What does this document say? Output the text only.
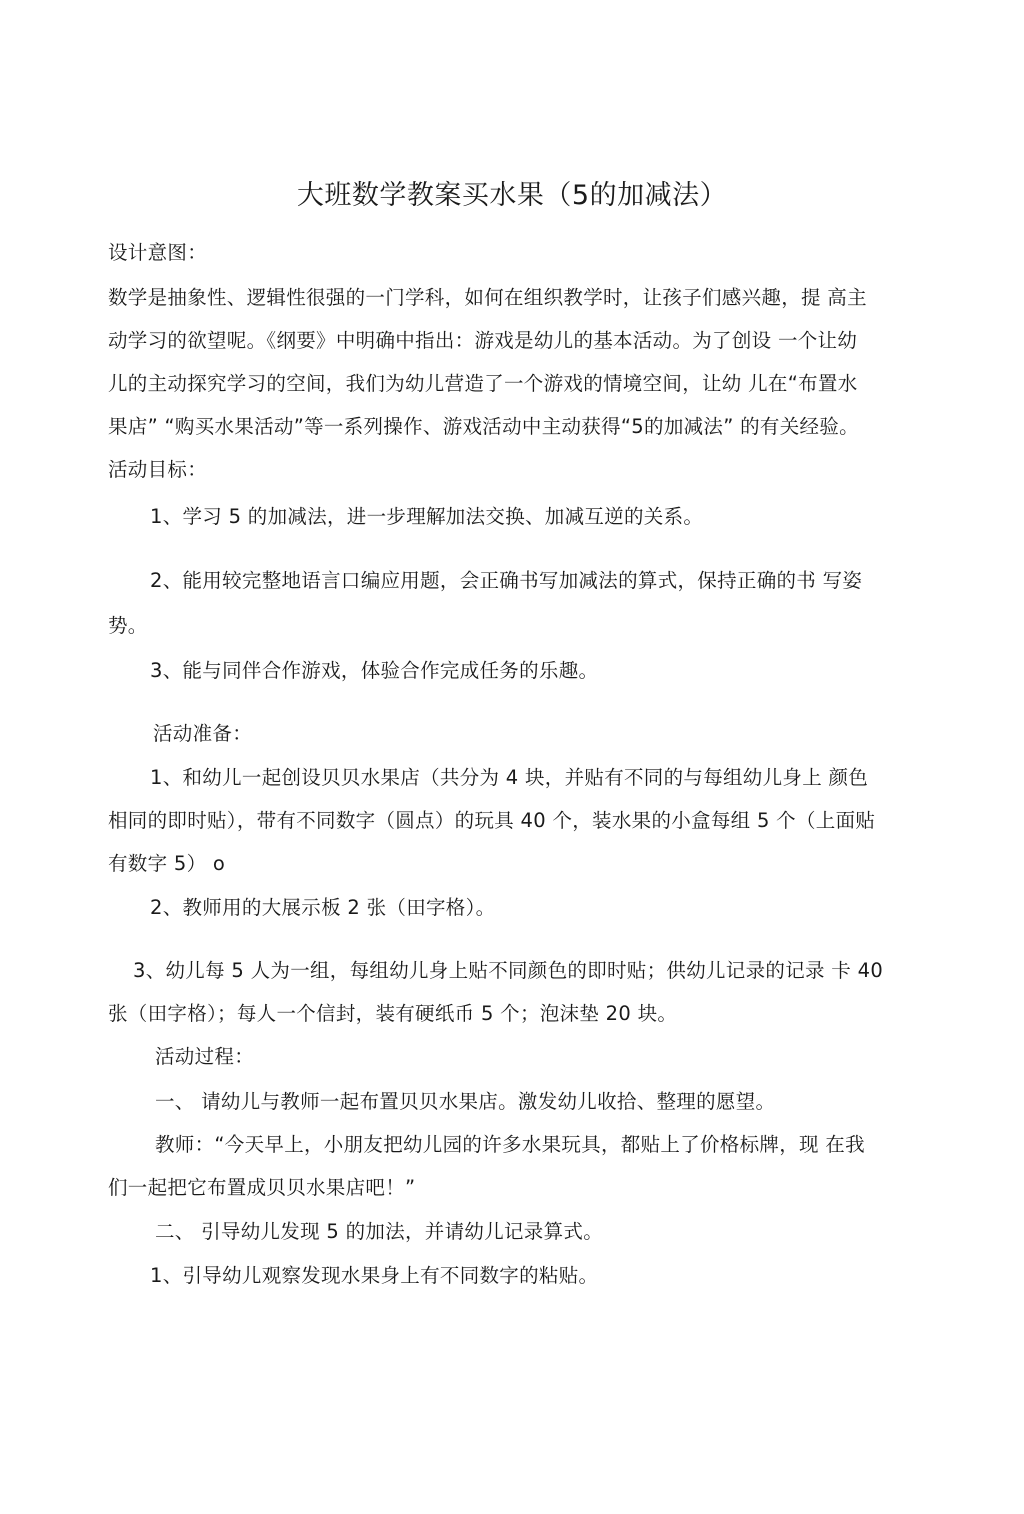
大班数学教案买水果（5的加减法）
设计意图：
数学是抽象性、逻辑性很强的一门学科，如何在组织教学时，让孩子们感兴趣，提 高主
动学习的欲望呢。《纲要》中明确中指出：游戏是幼儿的基本活动。为了创设 一个让幼
儿的主动探究学习的空间，我们为幼儿营造了一个游戏的情境空间，让幼 儿在“布置水
果店” “购买水果活动”等一系列操作、游戏活动中主动获得“5的加减法” 的有关经验。
活动目标：
1、学习 5 的加减法，进一步理解加法交换、加减互逆的关系。
2、能用较完整地语言口编应用题，会正确书写加减法的算式，保持正确的书 写姿
势。
3、能与同伴合作游戏，体验合作完成任务的乐趣。
活动准备：
1、和幼儿一起创设贝贝水果店（共分为 4 块，并贴有不同的与每组幼儿身上 颜色
相同的即时贴），带有不同数字（圆点）的玩具 40 个，装水果的小盒每组 5 个（上面贴
有数字 5） o
2、教师用的大展示板 2 张（田字格）。
3、幼儿每 5 人为一组，每组幼儿身上贴不同颜色的即时贴；供幼儿记录的记录 卡 40
张（田字格）；每人一个信封，装有硬纸币 5 个；泡沫垫 20 块。
活动过程：
一、 请幼儿与教师一起布置贝贝水果店。激发幼儿收拾、整理的愿望。
教师：“今天早上，小朋友把幼儿园的许多水果玩具，都贴上了价格标牌，现 在我
们一起把它布置成贝贝水果店吧！”
二、 引导幼儿发现 5 的加法，并请幼儿记录算式。
1、引导幼儿观察发现水果身上有不同数字的粘贴。
